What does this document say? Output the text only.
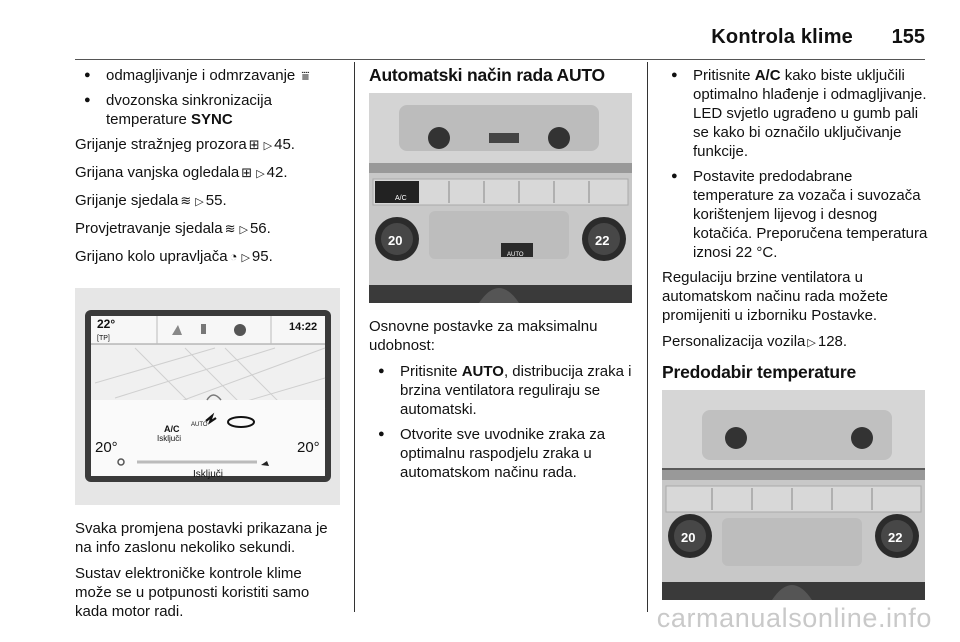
Kontrola klime 155
● odmagljivanje i odmrzavanje ⩸
● dvozonska sinkronizacija temperature SYNC
Grijanje stražnjeg prozora ⊞ ▷ 45.
Grijana vanjska ogledala ⊞ ▷ 42.
Grijanje sjedala ≋ ▷ 55.
Provjetravanje sjedala ≋ ▷ 56.
Grijano kolo upravljača ◔ ▷ 95.
22°
[TP]
14:22
A/C
Isključi
AUTO
20°	20°
Isključi
Svaka promjena postavki prikazana je na info zaslonu nekoliko sekundi.
Sustav elektroničke kontrole klime može se u potpunosti koristiti samo kada motor radi.
Automatski način rada AUTO
20	22
A/C
AUTO
Osnovne postavke za maksimalnu udobnost:
● Pritisnite AUTO, distribucija zraka i brzina ventilatora reguliraju se automatski.
● Otvorite sve uvodnike zraka za optimalnu raspodjelu zraka u automatskom načinu rada.
● Pritisnite A/C kako biste uključili optimalno hlađenje i odmagljivanje. LED svjetlo ugrađeno u gumb pali se kako bi označilo uključivanje funkcije.
● Postavite predodabrane temperature za vozača i suvozača korištenjem lijevog i desnog kotačića. Preporučena temperatura iznosi 22 °C.
Regulaciju brzine ventilatora u automatskom načinu rada možete promijeniti u izborniku Postavke.
Personalizacija vozila ▷ 128.
Predodabir temperature
20	22
carmanualsonline.info
